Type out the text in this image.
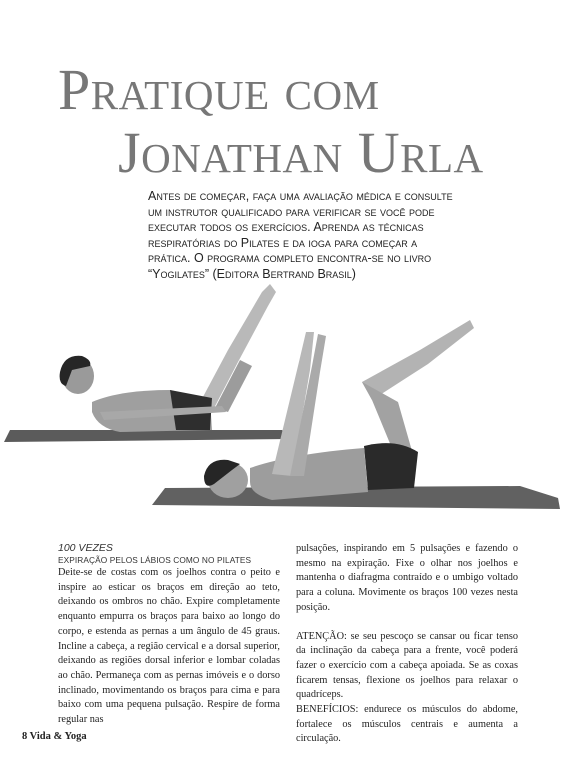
Pratique com
Jonathan Urla

Antes de começar, faça uma avaliação médica e consulte um instrutor qualificado para verificar se você pode executar todos os exercícios. Aprenda as técnicas respiratórias do Pilates e da ioga para começar a prática. O programa completo encontra-se no livro “Yogilates” (Editora Bertrand Brasil)

100 VEZES
EXPIRAÇÃO PELOS LÁBIOS COMO NO PILATES

Deite-se de costas com os joelhos contra o peito e inspire ao esticar os braços em direção ao teto, deixando os ombros no chão. Expire completamente enquanto empurra os braços para baixo ao longo do corpo, e estenda as pernas a um ângulo de 45 graus. Incline a cabeça, a região cervical e a dorsal superior, deixando as regiões dorsal inferior e lombar coladas ao chão. Permaneça com as pernas imóveis e o dorso inclinado, movimentando os braços para cima e para baixo com uma pequena pulsação. Respire de forma regular nas

pulsações, inspirando em 5 pulsações e fazendo o mesmo na expiração. Fixe o olhar nos joelhos e mantenha o diafragma contraído e o umbigo voltado para a coluna. Movimente os braços 100 vezes nesta posição.

ATENÇÃO: se seu pescoço se cansar ou ficar tenso da inclinação da cabeça para a frente, você poderá fazer o exercício com a cabeça apoiada. Se as coxas ficarem tensas, flexione os joelhos para relaxar o quadríceps.
BENEFÍCIOS: endurece os músculos do abdome, fortalece os músculos centrais e aumenta a circulação.

8 Vida & Yoga
